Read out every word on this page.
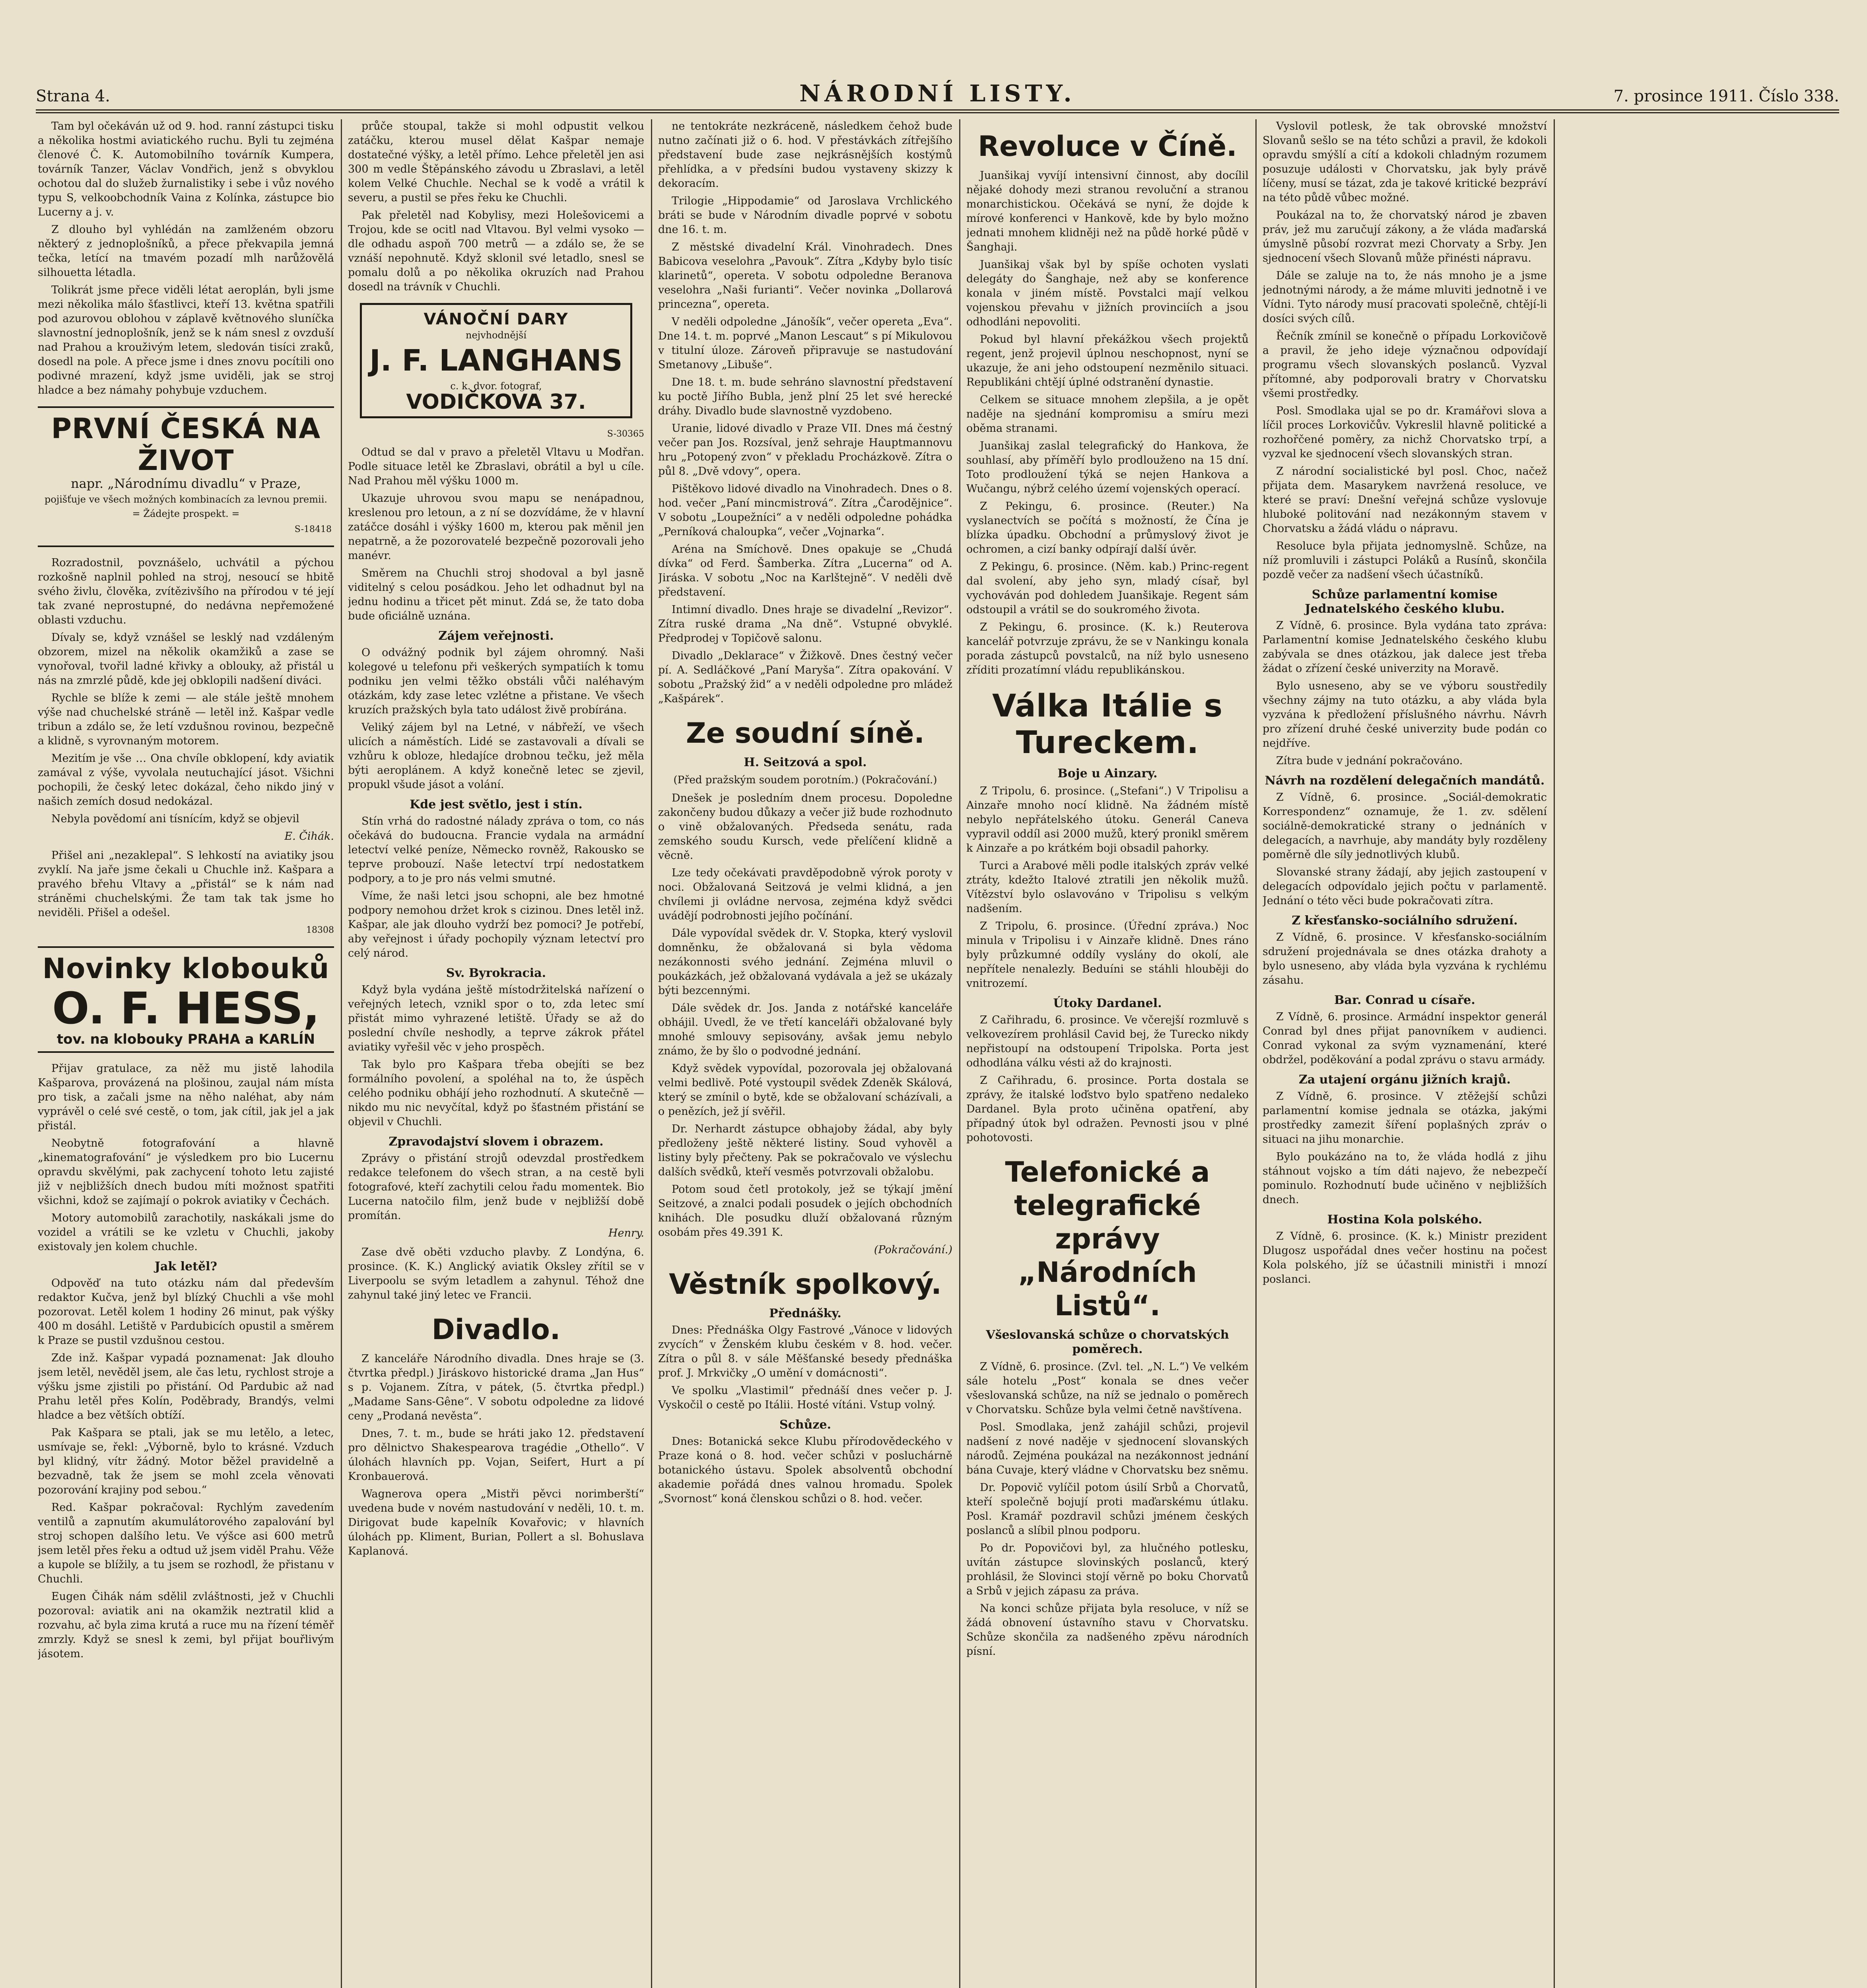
Strana 4.	NÁRODNÍ LISTY.	7. prosince 1911. Číslo 338.

Tam byl očekáván už od 9. hod. ranní zástupci tisku a několika hostmi aviatického ruchu. Byli tu zejména členové Č. K. Automobilního továrník Kumpera, továrník Tanzer, Václav Vondřich, jenž s obvyklou ochotou dal do služeb žurnalistiky i sebe i vůz nového typu S, velkoobchodník Vaina z Kolínka, zástupce bio Lucerny a j. v.

Z dlouho byl vyhlédán na zamlženém obzoru některý z jednoplošníků, a přece překvapila jemná tečka, letící na tmavém pozadí mlh narůžovělá silhouetta létadla.

Tolikrát jsme přece viděli létat aeroplán, byli jsme mezi několika málo šťastlivci, kteří 13. května spatřili pod azurovou oblohou v záplavě květnového sluníčka slavnostní jednoplošník, jenž se k nám snesl z ovzduší nad Prahou a krouživým letem, sledován tisíci zraků, dosedl na pole. A přece jsme i dnes znovu pocítili ono podivné mrazení, když jsme uviděli, jak se stroj hladce a bez námahy pohybuje vzduchem.

PRVNÍ ČESKÁ NA ŽIVOT
napr. „Národnímu divadlu“ v Praze,
pojišťuje ve všech možných kombinacích za levnou premii. = Žádejte prospekt. =
S-18418

Rozradostnil, povznášelo, uchvátil a pýchou rozkošně naplnil pohled na stroj, nesoucí se hbitě svého živlu, člověka, zvítězivšího na přírodou v té její tak zvané neprostupné, do nedávna nepřemožené oblasti vzduchu.

Dívaly se, když vznášel se lesklý nad vzdáleným obzorem, mizel na několik okamžiků a zase se vynořoval, tvořil ladné křivky a oblouky, až přistál u nás na zmrzlé půdě, kde jej obklopili nadšení diváci.

Rychle se blíže k zemi — ale stále ještě mnohem výše nad chuchelské stráně — letěl inž. Kašpar vedle tribun a zdálo se, že letí vzdušnou rovinou, bezpečně a klidně, s vyrovnaným motorem.

Mezitím je vše … Ona chvíle obklopení, kdy aviatik zamával z výše, vyvolala neutuchající jásot. Všichni pochopili, že český letec dokázal, čeho nikdo jiný v našich zemích dosud nedokázal.

Nebyla povědomí ani tísnícím, když se objevil

E. Čihák.

Přišel ani „nezaklepal“. S lehkostí na aviatiky jsou zvyklí. Na jaře jsme čekali u Chuchle inž. Kašpara a pravého břehu Vltavy a „přistál“ se k nám nad stráněmi chuchelskými. Že tam tak tak jsme ho neviděli. Přišel a odešel.

18308
Novinky klobouků
O. F. HESS,
tov. na klobouky PRAHA a KARLÍN

Přijav gratulace, za něž mu jistě lahodila Kašparova, provázená na plošinou, zaujal nám místa pro tisk, a začali jsme na něho naléhat, aby nám vyprávěl o celé své cestě, o tom, jak cítil, jak jel a jak přistál.

Neobytně fotografování a hlavně „kinematografování“ je výsledkem pro bio Lucernu opravdu skvělými, pak zachycení tohoto letu zajisté již v nejbližších dnech budou míti možnost spatřiti všichni, kdož se zajímají o pokrok aviatiky v Čechách.

Motory automobilů zarachotily, naskákali jsme do vozidel a vrátili se ke vzletu v Chuchli, jakoby existovaly jen kolem chuchle.

Jak letěl?

Odpověď na tuto otázku nám dal především redaktor Kučva, jenž byl blízký Chuchli a vše mohl pozorovat. Letěl kolem 1 hodiny 26 minut, pak výšky 400 m dosáhl. Letiště v Pardubicích opustil a směrem k Praze se pustil vzdušnou cestou.

Zde inž. Kašpar vypadá poznamenat: Jak dlouho jsem letěl, nevěděl jsem, ale čas letu, rychlost stroje a výšku jsme zjistili po přistání. Od Pardubic až nad Prahu letěl přes Kolín, Poděbrady, Brandýs, velmi hladce a bez větších obtíží.

Pak Kašpara se ptali, jak se mu letělo, a letec, usmívaje se, řekl: „Výborně, bylo to krásné. Vzduch byl klidný, vítr žádný. Motor běžel pravidelně a bezvadně, tak že jsem se mohl zcela věnovati pozorování krajiny pod sebou.“

Red. Kašpar pokračoval: Rychlým zavedením ventilů a zapnutím akumulátorového zapalování byl stroj schopen dalšího letu. Ve výšce asi 600 metrů jsem letěl přes řeku a odtud už jsem viděl Prahu. Věže a kupole se blížily, a tu jsem se rozhodl, že přistanu v Chuchli.

Eugen Čihák nám sdělil zvláštnosti, jež v Chuchli pozoroval: aviatik ani na okamžik neztratil klid a rozvahu, ač byla zima krutá a ruce mu na řízení téměř zmrzly. Když se snesl k zemi, byl přijat bouřlivým jásotem.

průče stoupal, takže si mohl odpustit velkou zatáčku, kterou musel dělat Kašpar nemaje dostatečné výšky, a letěl přímo. Lehce přeletěl jen asi 300 m vedle Štěpánského závodu u Zbraslavi, a letěl kolem Velké Chuchle. Nechal se k vodě a vrátil k severu, a pustil se přes řeku ke Chuchli.

Pak přeletěl nad Kobylisy, mezi Holešovicemi a Trojou, kde se ocitl nad Vltavou. Byl velmi vysoko — dle odhadu aspoň 700 metrů — a zdálo se, že se vznáší nepohnutě. Když sklonil své letadlo, snesl se pomalu dolů a po několika okruzích nad Prahou dosedl na trávník v Chuchli.

VÁNOČNÍ DARY
nejvhodnější
J. F. LANGHANS
c. k. dvor. fotograf,
VODIČKOVA 37.
S-30365

Odtud se dal v pravo a přeletěl Vltavu u Modřan. Podle situace letěl ke Zbraslavi, obrátil a byl u cíle. Nad Prahou měl výšku 1000 m.

Ukazuje uhrovou svou mapu se nenápadnou, kreslenou pro letoun, a z ní se dozvídáme, že v hlavní zatáčce dosáhl i výšky 1600 m, kterou pak měnil jen nepatrně, a že pozorovatelé bezpečně pozorovali jeho manévr.

Směrem na Chuchli stroj shodoval a byl jasně viditelný s celou posádkou. Jeho let odhadnut byl na jednu hodinu a třicet pět minut. Zdá se, že tato doba bude oficiálně uznána.

Zájem veřejnosti.

O odvážný podnik byl zájem ohromný. Naši kolegové u telefonu při veškerých sympatiích k tomu podniku jen velmi těžko obstáli vůči naléhavým otázkám, kdy zase letec vzlétne a přistane. Ve všech kruzích pražských byla tato událost živě probírána.

Veliký zájem byl na Letné, v nábřeží, ve všech ulicích a náměstích. Lidé se zastavovali a dívali se vzhůru k obloze, hledajíce drobnou tečku, jež měla býti aeroplánem. A když konečně letec se zjevil, propukl všude jásot a volání.

Kde jest světlo, jest i stín.

Stín vrhá do radostné nálady zpráva o tom, co nás očekává do budoucna. Francie vydala na armádní letectví velké peníze, Německo rovněž, Rakousko se teprve probouzí. Naše letectví trpí nedostatkem podpory, a to je pro nás velmi smutné.

Víme, že naši letci jsou schopni, ale bez hmotné podpory nemohou držet krok s cizinou. Dnes letěl inž. Kašpar, ale jak dlouho vydrží bez pomoci? Je potřebí, aby veřejnost i úřady pochopily význam letectví pro celý národ.

Sv. Byrokracia.

Když byla vydána ještě místodržitelská nařízení o veřejných letech, vznikl spor o to, zda letec smí přistát mimo vyhrazené letiště. Úřady se až do poslední chvíle neshodly, a teprve zákrok přátel aviatiky vyřešil věc v jeho prospěch.

Tak bylo pro Kašpara třeba obejíti se bez formálního povolení, a spoléhal na to, že úspěch celého podniku obhájí jeho rozhodnutí. A skutečně — nikdo mu nic nevyčítal, když po šťastném přistání se objevil v Chuchli.

Zpravodajství slovem i obrazem.

Zprávy o přistání strojů odevzdal prostředkem redakce telefonem do všech stran, a na cestě byli fotografové, kteří zachytili celou řadu momentek. Bio Lucerna natočilo film, jenž bude v nejbližší době promítán.

Henry.

Zase dvě oběti vzducho plavby. Z Londýna, 6. prosince. (K. K.) Anglický aviatik Oksley zřítil se v Liverpoolu se svým letadlem a zahynul. Téhož dne zahynul také jiný letec ve Francii.

Divadlo.

Z kanceláře Národního divadla. Dnes hraje se (3. čtvrtka předpl.) Jiráskovo historické drama „Jan Hus“ s p. Vojanem. Zítra, v pátek, (5. čtvrtka předpl.) „Madame Sans-Gêne“. V sobotu odpoledne za lidové ceny „Prodaná nevěsta“.

Dnes, 7. t. m., bude se hráti jako 12. představení pro dělnictvo Shakespearova tragédie „Othello“. V úlohách hlavních pp. Vojan, Seifert, Hurt a pí Kronbauerová.

Wagnerova opera „Mistři pěvci norimberští“ uvedena bude v novém nastudování v neděli, 10. t. m. Dirigovat bude kapelník Kovařovic; v hlavních úlohách pp. Kliment, Burian, Pollert a sl. Bohuslava Kaplanová.

ne tentokráte nezkráceně, následkem čehož bude nutno začínati již o 6. hod. V přestávkách zítřejšího představení bude zase nejkrásnějších kostýmů přehlídka, a v předsíni budou vystaveny skizzy k dekoracím.

Trilogie „Hippodamie“ od Jaroslava Vrchlického bráti se bude v Národním divadle poprvé v sobotu dne 16. t. m.

Z městské divadelní Král. Vinohradech. Dnes Babicova veselohra „Pavouk“. Zítra „Kdyby bylo tisíc klarinetů“, opereta. V sobotu odpoledne Beranova veselohra „Naši furianti“. Večer novinka „Dollarová princezna“, opereta.

V neděli odpoledne „Jánošík“, večer opereta „Eva“. Dne 14. t. m. poprvé „Manon Lescaut“ s pí Mikulovou v titulní úloze. Zároveň připravuje se nastudování Smetanovy „Libuše“.

Dne 18. t. m. bude sehráno slavnostní představení ku poctě Jiřího Bubla, jenž plní 25 let své herecké dráhy. Divadlo bude slavnostně vyzdobeno.

Uranie, lidové divadlo v Praze VII. Dnes má čestný večer pan Jos. Rozsíval, jenž sehraje Hauptmannovu hru „Potopený zvon“ v překladu Procházkově. Zítra o půl 8. „Dvě vdovy“, opera.

Pištěkovo lidové divadlo na Vinohradech. Dnes o 8. hod. večer „Paní mincmistrová“. Zítra „Čarodějnice“. V sobotu „Loupežníci“ a v neděli odpoledne pohádka „Perníková chaloupka“, večer „Vojnarka“.

Aréna na Smíchově. Dnes opakuje se „Chudá dívka“ od Ferd. Šamberka. Zítra „Lucerna“ od A. Jiráska. V sobotu „Noc na Karlštejně“. V neděli dvě představení.

Intimní divadlo. Dnes hraje se divadelní „Revizor“. Zítra ruské drama „Na dně“. Vstupné obvyklé. Předprodej v Topičově salonu.

Divadlo „Deklarace“ v Žižkově. Dnes čestný večer pí. A. Sedláčkové „Paní Maryša“. Zítra opakování. V sobotu „Pražský žid“ a v neděli odpoledne pro mládež „Kašpárek“.

Ze soudní síně.
H. Seitzová a spol.
(Před pražským soudem porotním.) (Pokračování.)

Dnešek je posledním dnem procesu. Dopoledne zakončeny budou důkazy a večer již bude rozhodnuto o vině obžalovaných. Předseda senátu, rada zemského soudu Kursch, vede přelíčení klidně a věcně.

Lze tedy očekávati pravděpodobně výrok poroty v noci. Obžalovaná Seitzová je velmi klidná, a jen chvílemi ji ovládne nervosa, zejména když svědci uvádějí podrobnosti jejího počínání.

Dále vypovídal svědek dr. V. Stopka, který vyslovil domněnku, že obžalovaná si byla vědoma nezákonnosti svého jednání. Zejména mluvil o poukázkách, jež obžalovaná vydávala a jež se ukázaly býti bezcennými.

Dále svědek dr. Jos. Janda z notářské kanceláře obhájil. Uvedl, že ve třetí kanceláři obžalované byly mnohé smlouvy sepisovány, avšak jemu nebylo známo, že by šlo o podvodné jednání.

Když svědek vypovídal, pozorovala jej obžalovaná velmi bedlivě. Poté vystoupil svědek Zdeněk Skálová, který se zmínil o bytě, kde se obžalovaní scházívali, a o penězích, jež jí svěřil.

Dr. Nerhardt zástupce obhajoby žádal, aby byly předloženy ještě některé listiny. Soud vyhověl a listiny byly přečteny. Pak se pokračovalo ve výslechu dalších svědků, kteří vesměs potvrzovali obžalobu.

Potom soud četl protokoly, jež se týkají jmění Seitzové, a znalci podali posudek o jejích obchodních knihách. Dle posudku dluží obžalovaná různým osobám přes 49.391 K.

(Pokračování.)
Věstník spolkový.
Přednášky.

Dnes: Přednáška Olgy Fastrové „Vánoce v lidových zvycích“ v Ženském klubu českém v 8. hod. večer. Zítra o půl 8. v sále Měšťanské besedy přednáška prof. J. Mrkvičky „O umění v domácnosti“.

Ve spolku „Vlastimil“ přednáší dnes večer p. J. Vyskočil o cestě po Itálii. Hosté vítáni. Vstup volný.

Schůze.

Dnes: Botanická sekce Klubu přírodovědeckého v Praze koná o 8. hod. večer schůzi v posluchárně botanického ústavu. Spolek absolventů obchodní akademie pořádá dnes valnou hromadu. Spolek „Svornost“ koná členskou schůzi o 8. hod. večer.

Revoluce v Číně.

Juanšikaj vyvíjí intensivní činnost, aby docílil nějaké dohody mezi stranou revoluční a stranou monarchistickou. Očekává se nyní, že dojde k mírové konferenci v Hankově, kde by bylo možno jednati mnohem klidněji než na půdě horké půdě v Šanghaji.

Juanšikaj však byl by spíše ochoten vyslati delegáty do Šanghaje, než aby se konference konala v jiném místě. Povstalci mají velkou vojenskou převahu v jižních provinciích a jsou odhodláni nepovoliti.

Pokud byl hlavní překážkou všech projektů regent, jenž projevil úplnou neschopnost, nyní se ukazuje, že ani jeho odstoupení nezměnilo situaci. Republikáni chtějí úplné odstranění dynastie.

Celkem se situace mnohem zlepšila, a je opět naděje na sjednání kompromisu a smíru mezi oběma stranami.

Juanšikaj zaslal telegrafický do Hankova, že souhlasí, aby příměří bylo prodlouženo na 15 dní. Toto prodloužení týká se nejen Hankova a Wučangu, nýbrž celého území vojenských operací.

Z Pekingu, 6. prosince. (Reuter.) Na vyslanectvích se počítá s možností, že Čína je blízka úpadku. Obchodní a průmyslový život je ochromen, a cizí banky odpírají další úvěr.

Z Pekingu, 6. prosince. (Něm. kab.) Princ-regent dal svolení, aby jeho syn, mladý císař, byl vychováván pod dohledem Juanšikaje. Regent sám odstoupil a vrátil se do soukromého života.

Z Pekingu, 6. prosince. (K. k.) Reuterova kancelář potvrzuje zprávu, že se v Nankingu konala porada zástupců povstalců, na níž bylo usneseno zříditi prozatímní vládu republikánskou.

Válka Itálie s Tureckem.
Boje u Ainzary.

Z Tripolu, 6. prosince. („Stefani“.) V Tripolisu a Ainzaře mnoho nocí klidně. Na žádném místě nebylo nepřátelského útoku. Generál Caneva vypravil oddíl asi 2000 mužů, který pronikl směrem k Ainzaře a po krátkém boji obsadil pahorky.

Turci a Arabové měli podle italských zpráv velké ztráty, kdežto Italové ztratili jen několik mužů. Vítězství bylo oslavováno v Tripolisu s velkým nadšením.

Z Tripolu, 6. prosince. (Úřední zpráva.) Noc minula v Tripolisu i v Ainzaře klidně. Dnes ráno byly průzkumné oddíly vyslány do okolí, ale nepřítele nenalezly. Beduíni se stáhli hlouběji do vnitrozemí.

Útoky Dardanel.

Z Cařihradu, 6. prosince. Ve včerejší rozmluvě s velkovezírem prohlásil Cavid bej, že Turecko nikdy nepřistoupí na odstoupení Tripolska. Porta jest odhodlána válku vésti až do krajnosti.

Z Cařihradu, 6. prosince. Porta dostala se zprávy, že italské loďstvo bylo spatřeno nedaleko Dardanel. Byla proto učiněna opatření, aby případný útok byl odražen. Pevnosti jsou v plné pohotovosti.

Telefonické a telegrafické zprávy „Národních Listů“.
Všeslovanská schůze o chorvatských poměrech.

Z Vídně, 6. prosince. (Zvl. tel. „N. L.“) Ve velkém sále hotelu „Post“ konala se dnes večer všeslovanská schůze, na níž se jednalo o poměrech v Chorvatsku. Schůze byla velmi četně navštívena.

Posl. Smodlaka, jenž zahájil schůzi, projevil nadšení z nové naděje v sjednocení slovanských národů. Zejména poukázal na nezákonnost jednání bána Cuvaje, který vládne v Chorvatsku bez sněmu.

Dr. Popovič vylíčil potom úsilí Srbů a Chorvatů, kteří společně bojují proti maďarskému útlaku. Posl. Kramář pozdravil schůzi jménem českých poslanců a slíbil plnou podporu.

Po dr. Popovičovi byl, za hlučného potlesku, uvítán zástupce slovinských poslanců, který prohlásil, že Slovinci stojí věrně po boku Chorvatů a Srbů v jejich zápasu za práva.

Na konci schůze přijata byla resoluce, v níž se žádá obnovení ústavního stavu v Chorvatsku. Schůze skončila za nadšeného zpěvu národních písní.

Vyslovil potlesk, že tak obrovské množství Slovanů sešlo se na této schůzi a pravil, že kdokoli opravdu smýšlí a cítí a kdokoli chladným rozumem posuzuje události v Chorvatsku, jak byly právě líčeny, musí se tázat, zda je takové kritické bezpráví na této půdě vůbec možné.

Poukázal na to, že chorvatský národ je zbaven práv, jež mu zaručují zákony, a že vláda maďarská úmyslně působí rozvrat mezi Chorvaty a Srby. Jen sjednocení všech Slovanů může přinésti nápravu.

Dále se zaluje na to, že nás mnoho je a jsme jednotnými národy, a že máme mluviti jednotně i ve Vídni. Tyto národy musí pracovati společně, chtějí-li dosíci svých cílů.

Řečník zmínil se konečně o případu Lorkovičově a pravil, že jeho ideje význačnou odpovídají programu všech slovanských poslanců. Vyzval přítomné, aby podporovali bratry v Chorvatsku všemi prostředky.

Posl. Smodlaka ujal se po dr. Kramářovi slova a líčil proces Lorkovičův. Vykreslil hlavně politické a rozhořčené poměry, za nichž Chorvatsko trpí, a vyzval ke sjednocení všech slovanských stran.

Z národní socialistické byl posl. Choc, načež přijata dem. Masarykem navržená resoluce, ve které se praví: Dnešní veřejná schůze vyslovuje hluboké politování nad nezákonným stavem v Chorvatsku a žádá vládu o nápravu.

Resoluce byla přijata jednomyslně. Schůze, na níž promluvili i zástupci Poláků a Rusínů, skončila pozdě večer za nadšení všech účastníků.

Schůze parlamentní komise Jednatelského českého klubu.

Z Vídně, 6. prosince. Byla vydána tato zpráva: Parlamentní komise Jednatelského českého klubu zabývala se dnes otázkou, jak dalece jest třeba žádat o zřízení české univerzity na Moravě.

Bylo usneseno, aby se ve výboru soustředily všechny zájmy na tuto otázku, a aby vláda byla vyzvána k předložení příslušného návrhu. Návrh pro zřízení druhé české univerzity bude podán co nejdříve.

Zítra bude v jednání pokračováno.

Návrh na rozdělení delegačních mandátů.

Z Vídně, 6. prosince. „Sociál-demokratic Korrespondenz“ oznamuje, že 1. zv. sdělení sociálně-demokratické strany o jednáních v delegacích, a navrhuje, aby mandáty byly rozděleny poměrně dle síly jednotlivých klubů.

Slovanské strany žádají, aby jejich zastoupení v delegacích odpovídalo jejich počtu v parlamentě. Jednání o této věci bude pokračovati zítra.

Z křesťansko-sociálního sdružení.

Z Vídně, 6. prosince. V křesťansko-sociálním sdružení projednávala se dnes otázka drahoty a bylo usneseno, aby vláda byla vyzvána k rychlému zásahu.

Bar. Conrad u císaře.

Z Vídně, 6. prosince. Armádní inspektor generál Conrad byl dnes přijat panovníkem v audienci. Conrad vykonal za svým vyznamenání, které obdržel, poděkování a podal zprávu o stavu armády.

Za utajení orgánu jižních krajů.

Z Vídně, 6. prosince. V ztěžejší schůzi parlamentní komise jednala se otázka, jakými prostředky zamezit šíření poplašných zpráv o situaci na jihu monarchie.

Bylo poukázáno na to, že vláda hodlá z jihu stáhnout vojsko a tím dáti najevo, že nebezpečí pominulo. Rozhodnutí bude učiněno v nejbližších dnech.

Hostina Kola polského.

Z Vídně, 6. prosince. (K. k.) Ministr prezident Dlugosz uspořádal dnes večer hostinu na počest Kola polského, jíž se účastnili ministři i mnozí poslanci.
